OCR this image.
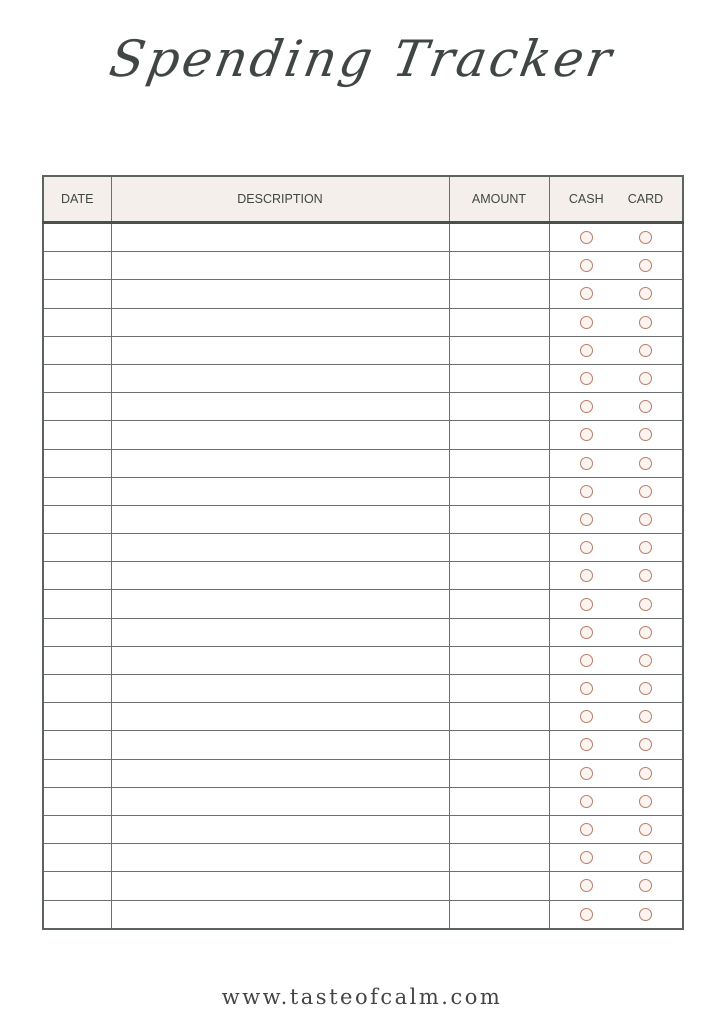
Spending Tracker
DATE	DESCRIPTION	AMOUNT	CASH	CARD

www.tasteofcalm.com
